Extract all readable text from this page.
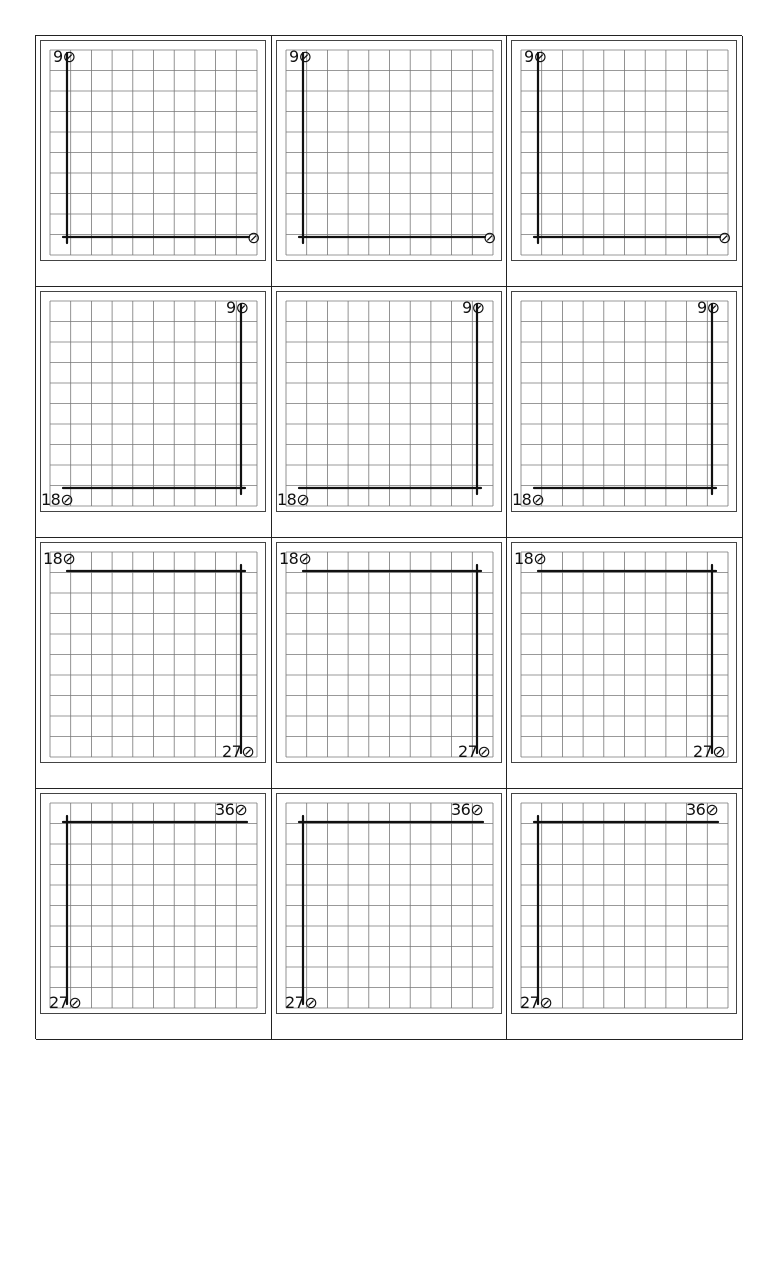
9⊘
⊘
9⊘
⊘
9⊘
⊘
9⊘
18⊘
9⊘
18⊘
9⊘
18⊘
18⊘
27⊘
18⊘
27⊘
18⊘
27⊘
36⊘
27⊘
36⊘
27⊘
36⊘
27⊘
